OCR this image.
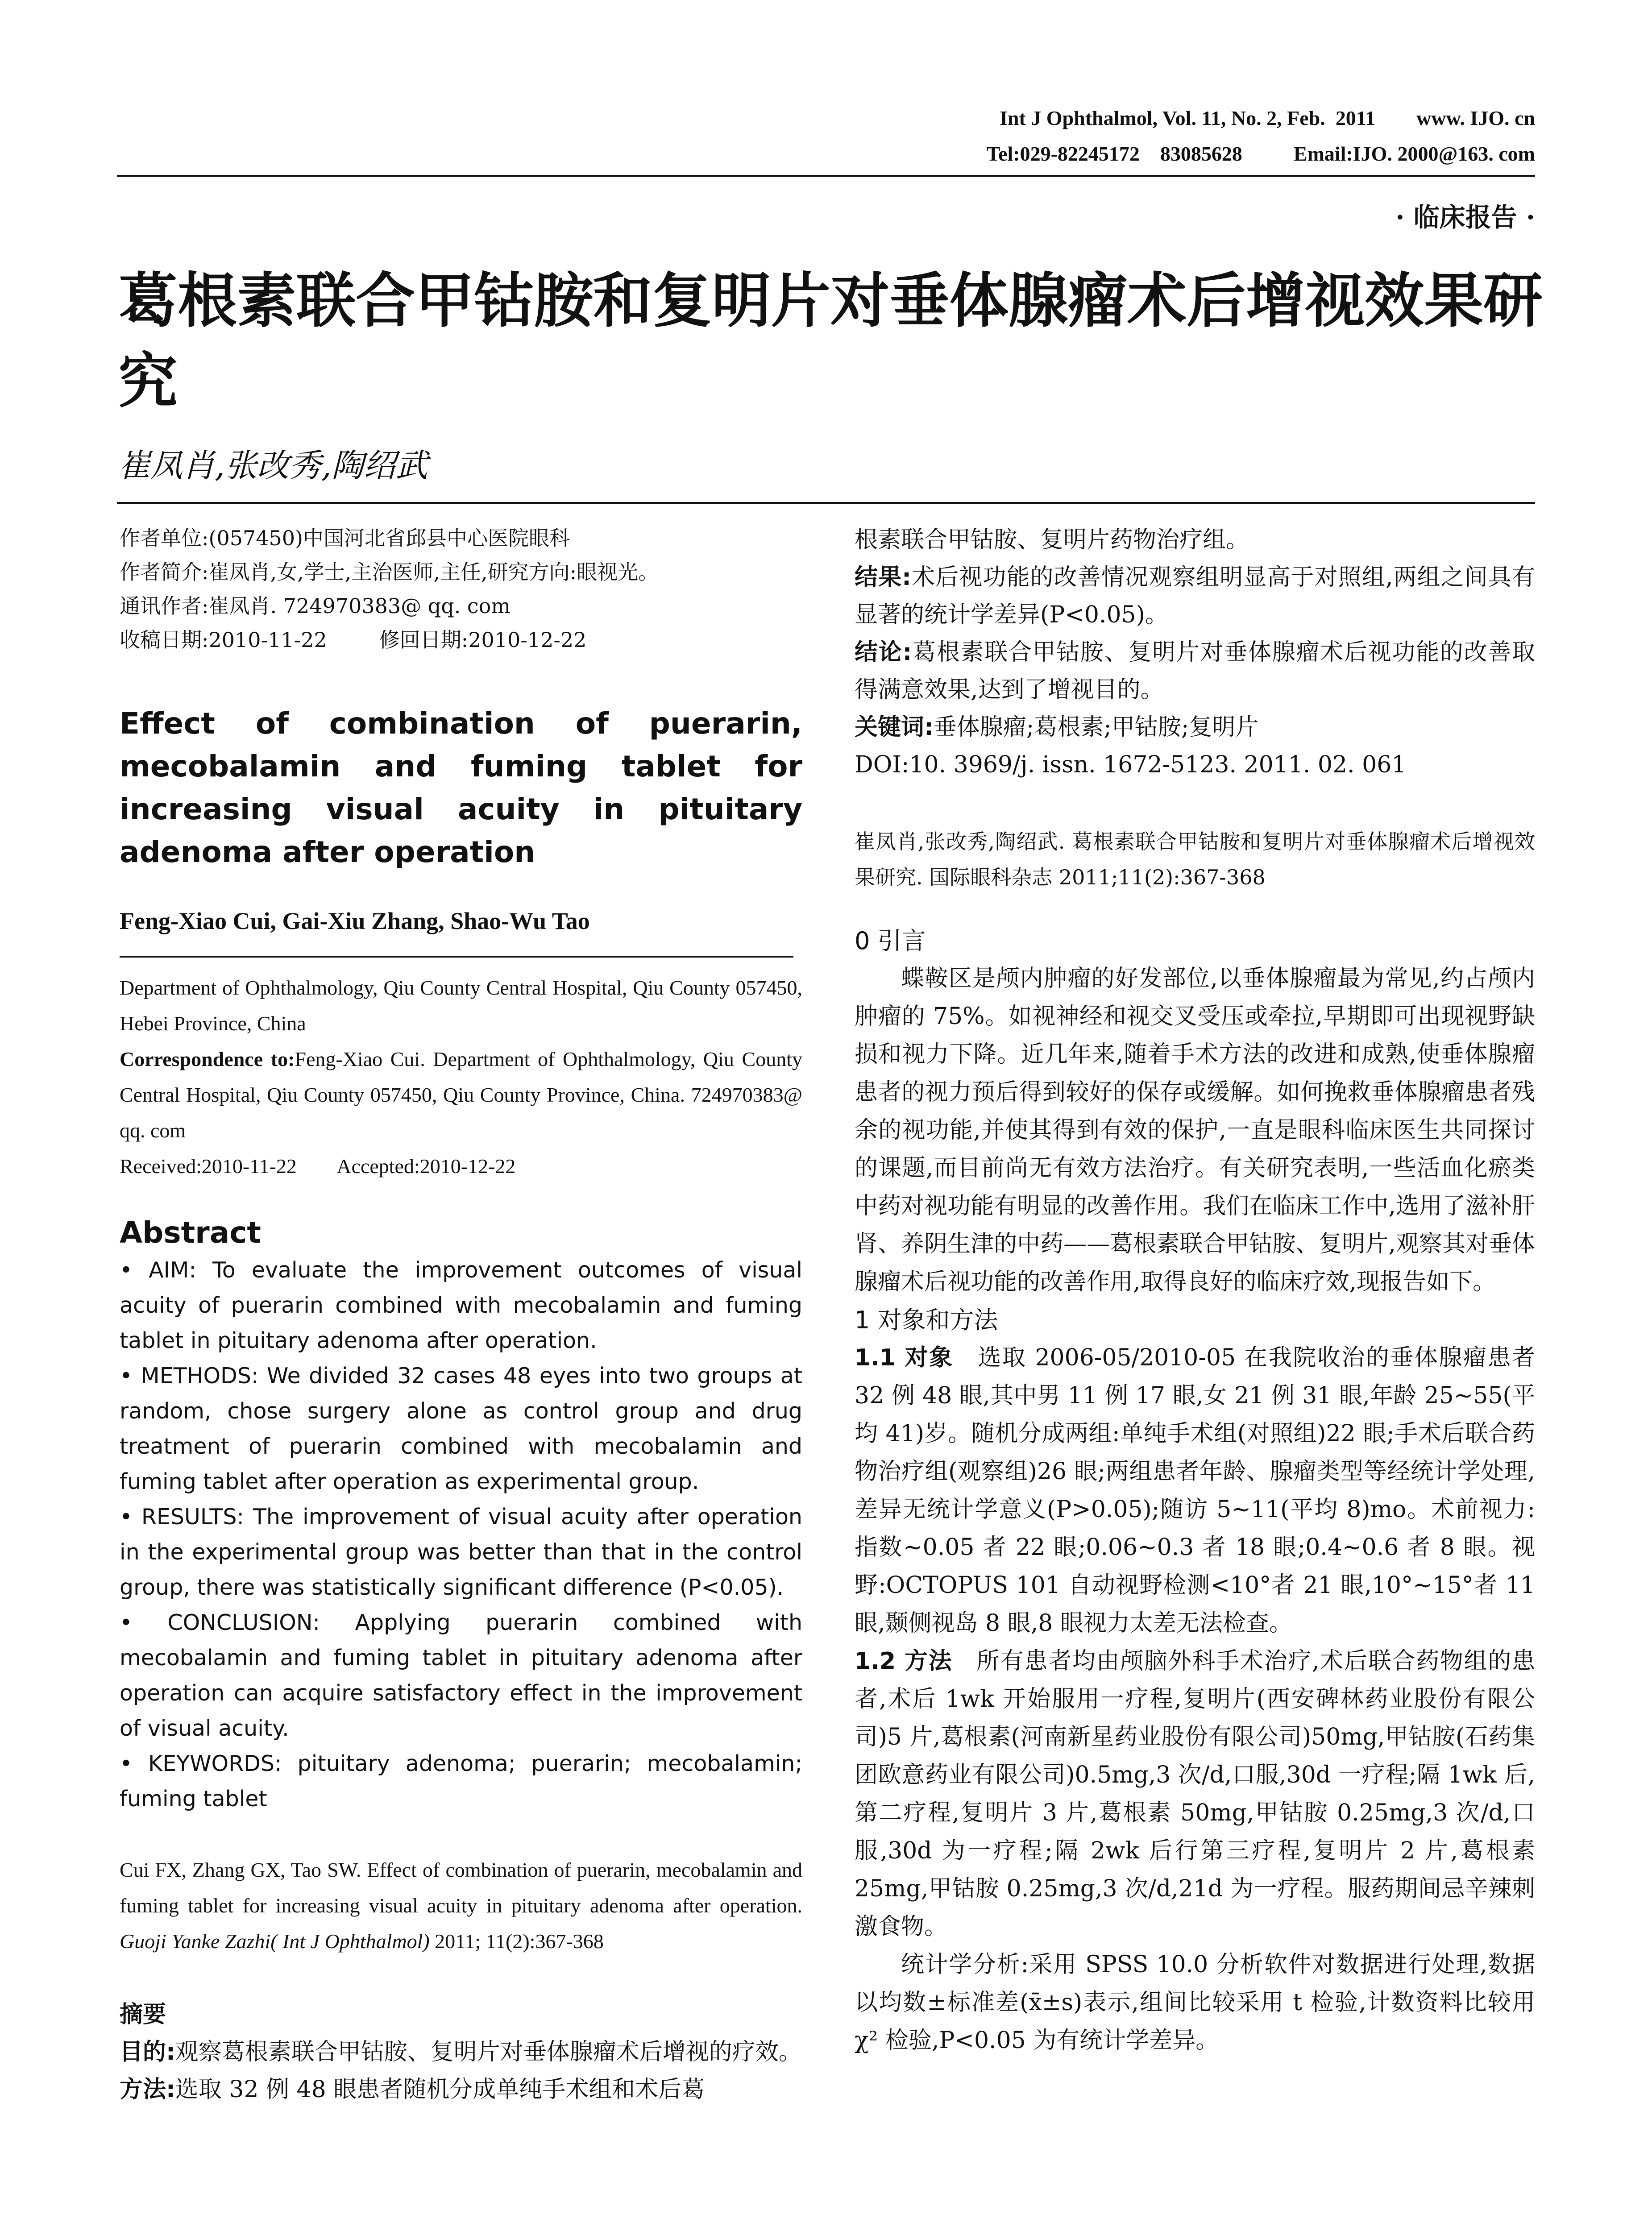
Int J Ophthalmol, Vol. 11, No. 2, Feb.  2011        www. IJO. cn
Tel:029-82245172    83085628          Email:IJO. 2000@163. com
· 临床报告 ·
葛根素联合甲钴胺和复明片对垂体腺瘤术后增视效果研究
崔凤肖,张改秀,陶绍武

作者单位:(057450)中国河北省邱县中心医院眼科

作者简介:崔凤肖,女,学士,主治医师,主任,研究方向:眼视光。

通讯作者:崔凤肖. 724970383@ qq. com

收稿日期:2010-11-22        修回日期:2010-12-22

Effect of combination of puerarin, mecobalamin and fuming tablet for increasing visual acuity in pituitary adenoma after operation

Feng-Xiao Cui, Gai-Xiu Zhang, Shao-Wu Tao

Department of Ophthalmology, Qiu County Central Hospital, Qiu County 057450, Hebei Province, China

Correspondence to:Feng-Xiao Cui. Department of Ophthalmology, Qiu County Central Hospital, Qiu County 057450, Qiu County Province, China. 724970383@ qq. com

Received:2010-11-22        Accepted:2010-12-22

Abstract

• AIM: To evaluate the improvement outcomes of visual acuity of puerarin combined with mecobalamin and fuming tablet in pituitary adenoma after operation.

• METHODS: We divided 32 cases 48 eyes into two groups at random, chose surgery alone as control group and drug treatment of puerarin combined with mecobalamin and fuming tablet after operation as experimental group.

• RESULTS: The improvement of visual acuity after operation in the experimental group was better than that in the control group, there was statistically significant difference (P<0.05).

• CONCLUSION: Applying puerarin combined with mecobalamin and fuming tablet in pituitary adenoma after operation can acquire satisfactory effect in the improvement of visual acuity.

• KEYWORDS: pituitary adenoma; puerarin; mecobalamin; fuming tablet

Cui FX, Zhang GX, Tao SW. Effect of combination of puerarin, mecobalamin and fuming tablet for increasing visual acuity in pituitary adenoma after operation. Guoji Yanke Zazhi( Int J Ophthalmol) 2011; 11(2):367-368

摘要

目的:观察葛根素联合甲钴胺、复明片对垂体腺瘤术后增视的疗效。

方法:选取 32 例 48 眼患者随机分成单纯手术组和术后葛

根素联合甲钴胺、复明片药物治疗组。

结果:术后视功能的改善情况观察组明显高于对照组,两组之间具有显著的统计学差异(P<0.05)。

结论:葛根素联合甲钴胺、复明片对垂体腺瘤术后视功能的改善取得满意效果,达到了增视目的。

关键词:垂体腺瘤;葛根素;甲钴胺;复明片

DOI:10. 3969/j. issn. 1672-5123. 2011. 02. 061

崔凤肖,张改秀,陶绍武. 葛根素联合甲钴胺和复明片对垂体腺瘤术后增视效果研究. 国际眼科杂志 2011;11(2):367-368

0 引言

蝶鞍区是颅内肿瘤的好发部位,以垂体腺瘤最为常见,约占颅内肿瘤的 75%。如视神经和视交叉受压或牵拉,早期即可出现视野缺损和视力下降。近几年来,随着手术方法的改进和成熟,使垂体腺瘤患者的视力预后得到较好的保存或缓解。如何挽救垂体腺瘤患者残余的视功能,并使其得到有效的保护,一直是眼科临床医生共同探讨的课题,而目前尚无有效方法治疗。有关研究表明,一些活血化瘀类中药对视功能有明显的改善作用。我们在临床工作中,选用了滋补肝肾、养阴生津的中药——葛根素联合甲钴胺、复明片,观察其对垂体腺瘤术后视功能的改善作用,取得良好的临床疗效,现报告如下。

1 对象和方法

1.1 对象　选取 2006-05/2010-05 在我院收治的垂体腺瘤患者 32 例 48 眼,其中男 11 例 17 眼,女 21 例 31 眼,年龄 25~55(平均 41)岁。随机分成两组:单纯手术组(对照组)22 眼;手术后联合药物治疗组(观察组)26 眼;两组患者年龄、腺瘤类型等经统计学处理,差异无统计学意义(P>0.05);随访 5~11(平均 8)mo。术前视力:指数~0.05 者 22 眼;0.06~0.3 者 18 眼;0.4~0.6 者 8 眼。视野:OCTOPUS 101 自动视野检测<10°者 21 眼,10°~15°者 11 眼,颞侧视岛 8 眼,8 眼视力太差无法检查。

1.2 方法　所有患者均由颅脑外科手术治疗,术后联合药物组的患者,术后 1wk 开始服用一疗程,复明片(西安碑林药业股份有限公司)5 片,葛根素(河南新星药业股份有限公司)50mg,甲钴胺(石药集团欧意药业有限公司)0.5mg,3 次/d,口服,30d 一疗程;隔 1wk 后,第二疗程,复明片 3 片,葛根素 50mg,甲钴胺 0.25mg,3 次/d,口服,30d 为一疗程;隔 2wk 后行第三疗程,复明片 2 片,葛根素 25mg,甲钴胺 0.25mg,3 次/d,21d 为一疗程。服药期间忌辛辣刺激食物。

统计学分析:采用 SPSS 10.0 分析软件对数据进行处理,数据以均数±标准差(x̄±s)表示,组间比较采用 t 检验,计数资料比较用 χ² 检验,P<0.05 为有统计学差异。
